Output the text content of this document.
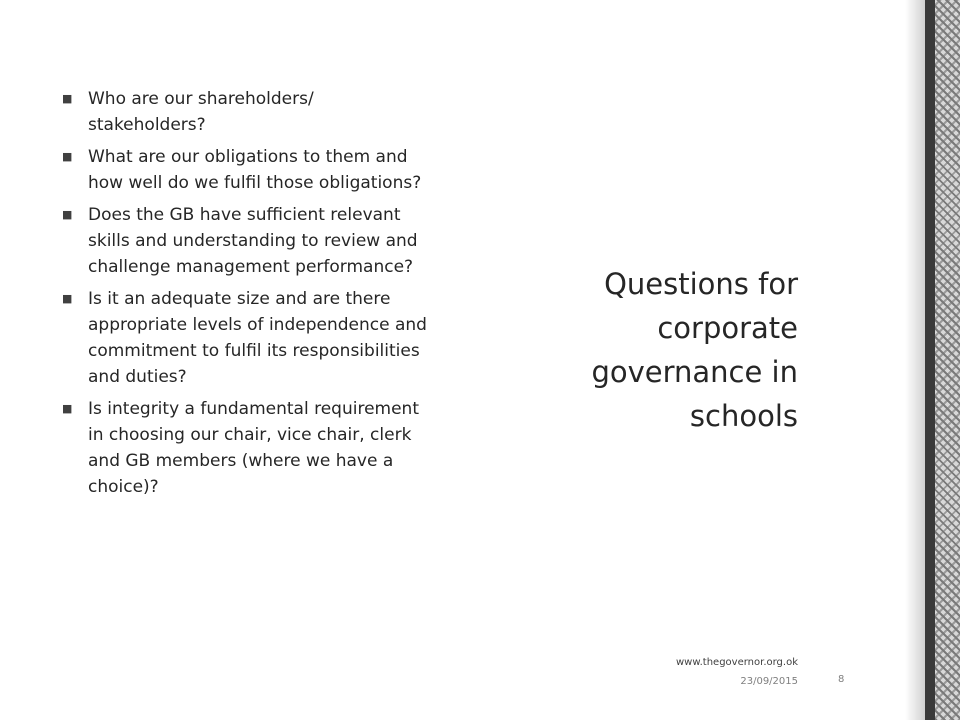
■ Who are our shareholders/ stakeholders?
■ What are our obligations to them and how well do we fulfil those obligations?
■ Does the GB have sufficient relevant skills and understanding to review and challenge management performance?
■ Is it an adequate size and are there appropriate levels of independence and commitment to fulfil its responsibilities and duties?
■ Is integrity a fundamental requirement in choosing our chair, vice chair, clerk and GB members (where we have a choice)?
Questions for corporate governance in schools
www.thegovernor.org.ok
23/09/2015	8
